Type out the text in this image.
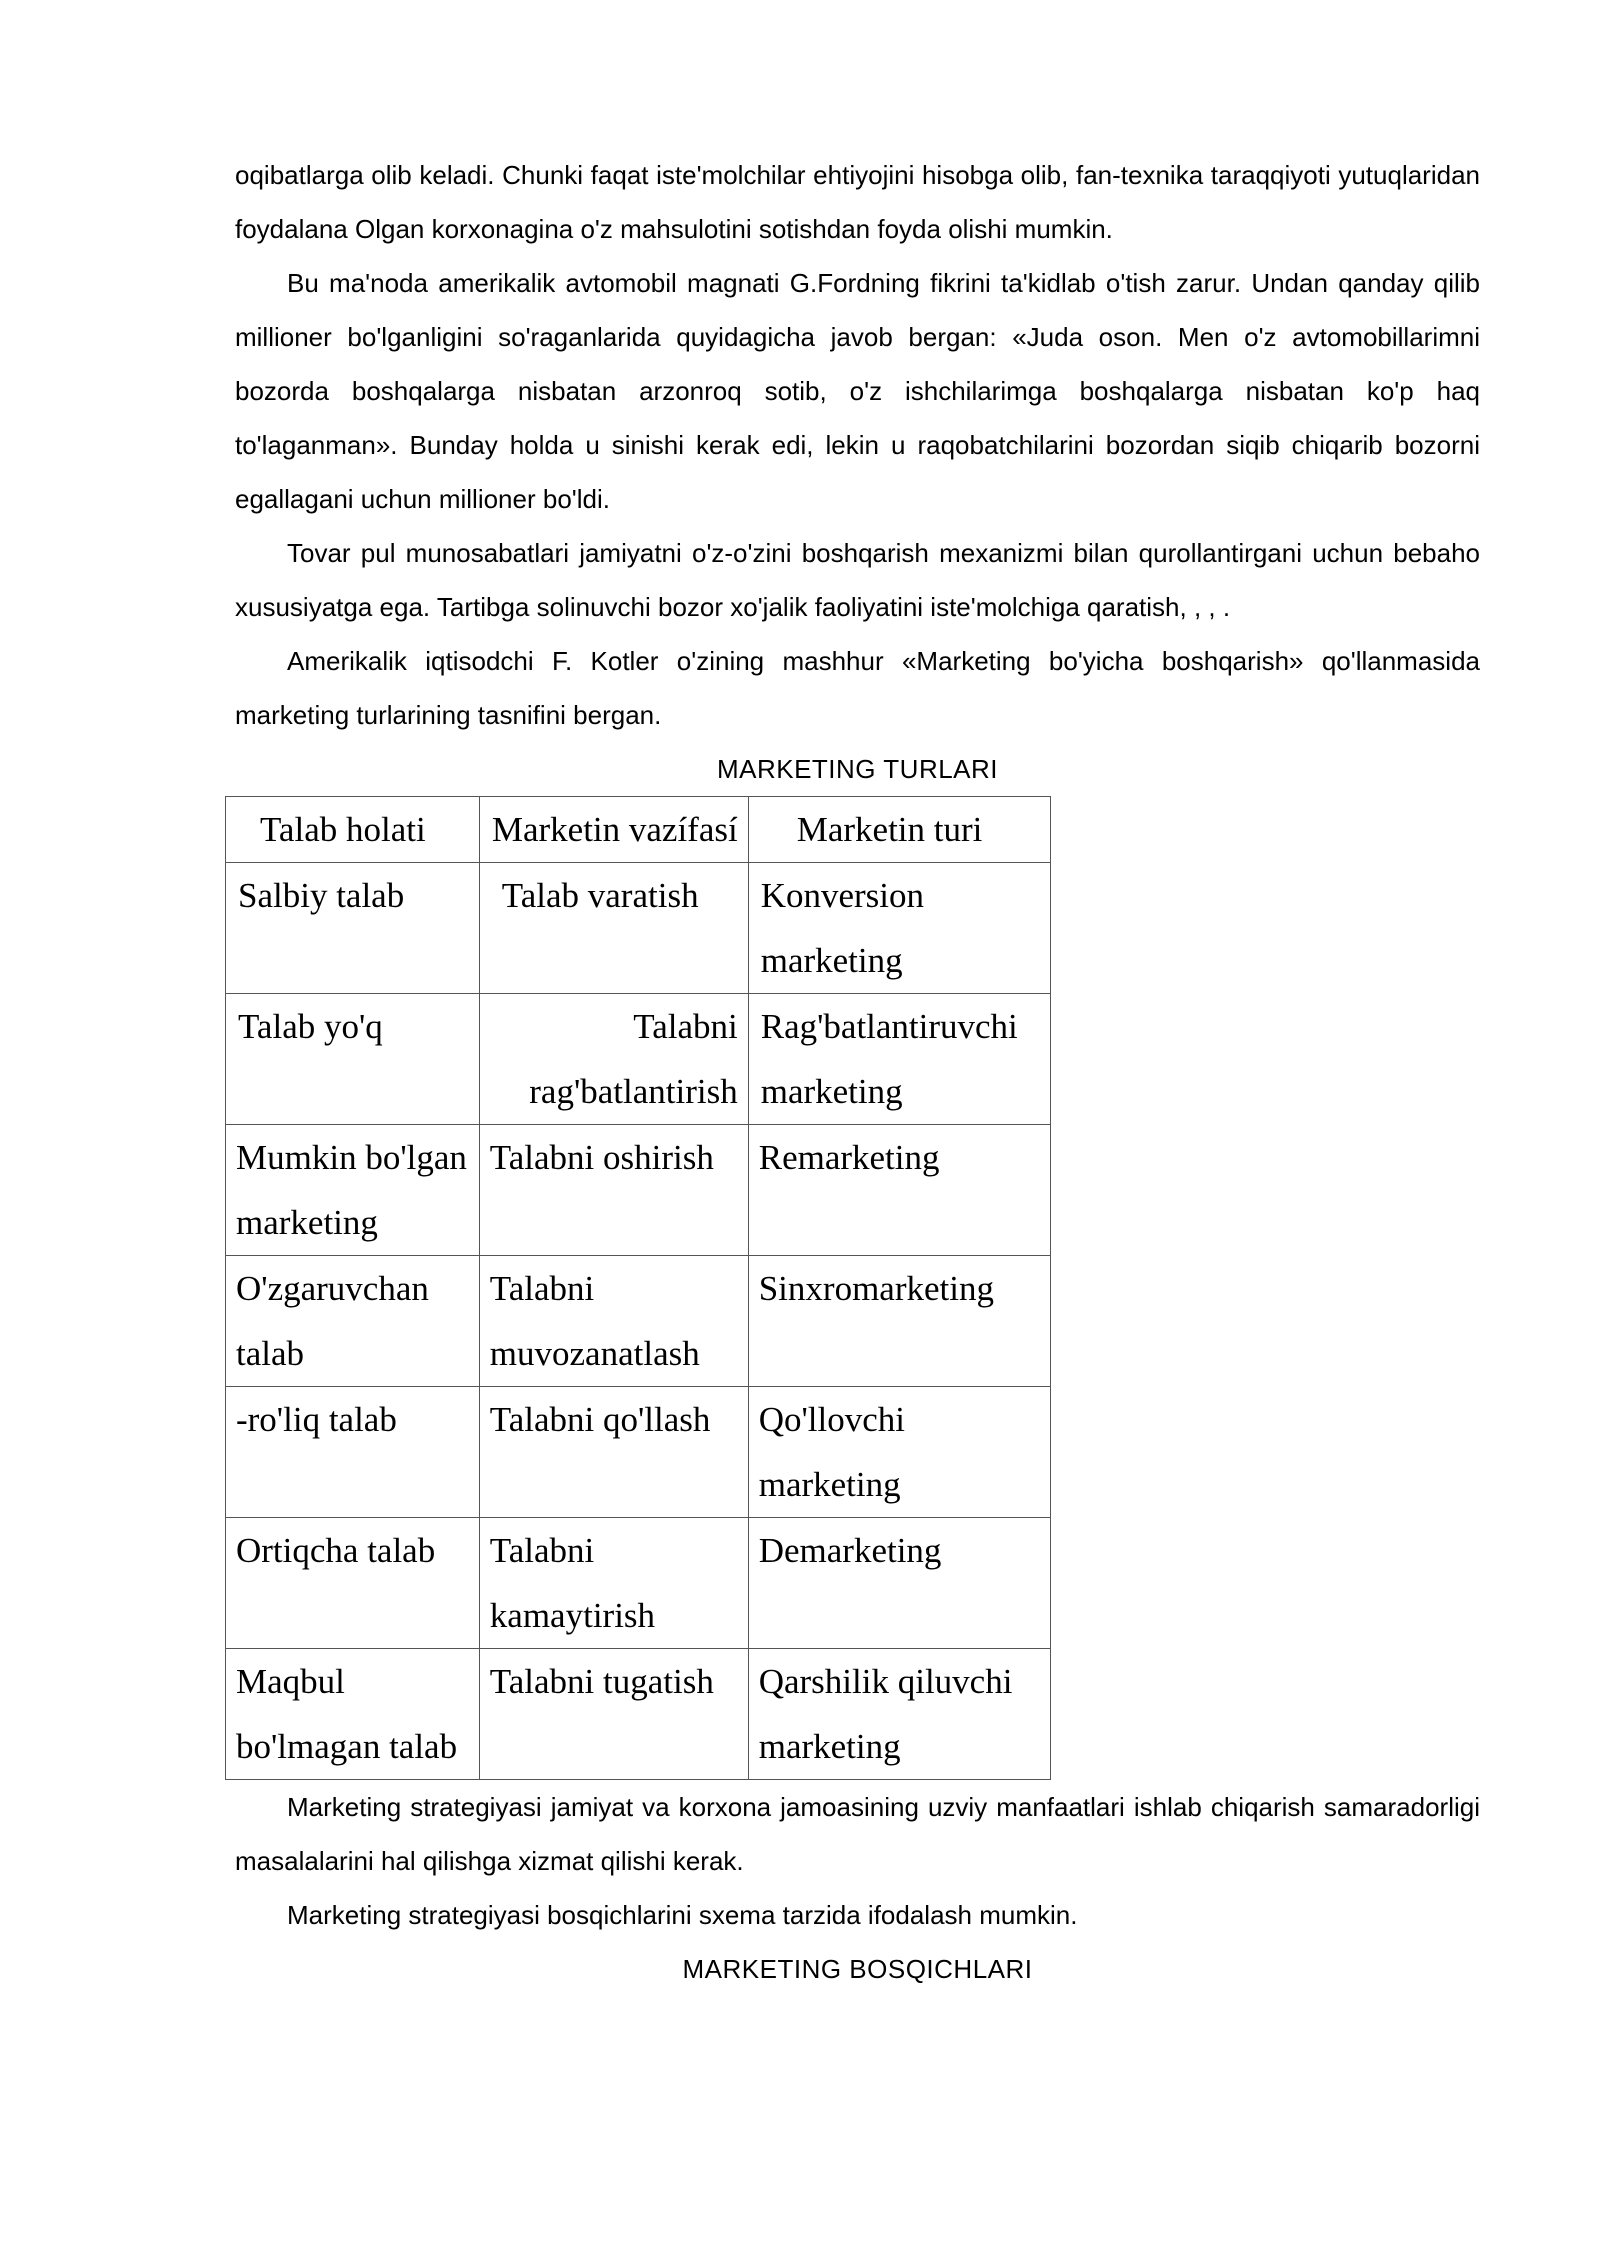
oqibatlarga olib keladi. Chunki faqat iste'molchilar ehtiyojini hisobga olib, fan-texnika taraqqiyoti yutuqlaridan foydalana Olgan korxonagina o'z mahsulotini sotishdan foyda olishi mumkin.

Bu ma'noda amerikalik avtomobil magnati G.Fordning fikrini ta'kidlab o'tish zarur. Undan qanday qilib millioner bo'lganligini so'raganlarida quyidagicha javob bergan: «Juda oson. Men o'z avtomobillarimni bozorda boshqalarga nisbatan arzonroq sotib, o'z ishchilarimga boshqalarga nisbatan ko'p haq to'laganman». Bunday holda u sinishi kerak edi, lekin u raqobatchilarini bozordan siqib chiqarib bozorni egallagani uchun millioner bo'ldi.

Tovar pul munosabatlari jamiyatni o'z-o'zini boshqarish mexanizmi bilan qurollantirgani uchun bebaho xususiyatga ega. Tartibga solinuvchi bozor xo'jalik faoliyatini iste'molchiga qaratish, , , .

Amerikalik iqtisodchi F. Kotler o'zining mashhur «Marketing bo'yicha boshqarish» qo'llanmasida marketing turlarining tasnifini bergan.

MARKETING TURLARI

Talab holati	Marketin vazífasí	Marketin turi
Salbiy talab	Talab varatish	Konversion marketing
Talab yo'q	Talabni rag'batlantirish	Rag'batlantiruvchi marketing
Mumkin bo'lgan marketing	Talabni oshirish	Remarketing
O'zgaruvchan talab	Talabni muvozanatlash	Sinxromarketing
-ro'liq talab	Talabni qo'llash	Qo'llovchi marketing
Ortiqcha talab	Talabni kamaytirish	Demarketing
Maqbul bo'lmagan talab	Talabni tugatish	Qarshilik qiluvchi marketing

Marketing strategiyasi jamiyat va korxona jamoasining uzviy manfaatlari ishlab chiqarish samaradorligi masalalarini hal qilishga xizmat qilishi kerak.

Marketing strategiyasi bosqichlarini sxema tarzida ifodalash mumkin.

MARKETING BOSQICHLARI
